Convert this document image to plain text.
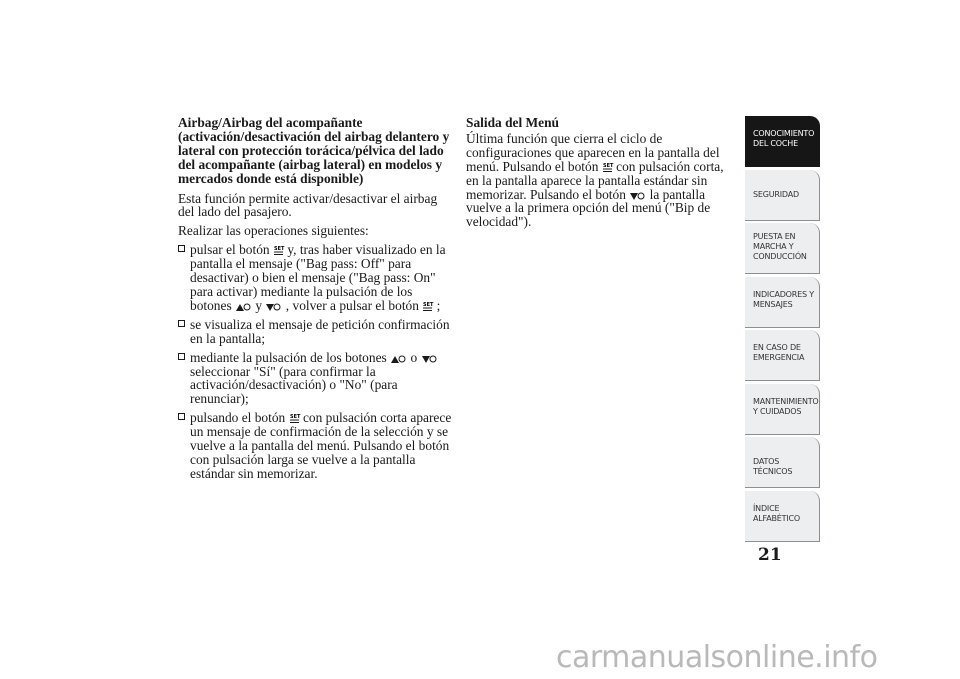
Airbag/Airbag del acompañante (activación/desactivación del airbag delantero y lateral con protección torácica/pélvica del lado del acompañante (airbag lateral) en modelos y mercados donde está disponible)

Esta función permite activar/desactivar el airbag del lado del pasajero.

Realizar las operaciones siguientes:

pulsar el botón SET y, tras haber visualizado en la pantalla el mensaje ("Bag pass: Off" para desactivar) o bien el mensaje ("Bag pass: On" para activar) mediante la pulsación de los botones y , volver a pulsar el botón SET ;
se visualiza el mensaje de petición confirmación en la pantalla;
mediante la pulsación de los botones o  seleccionar "Sí" (para confirmar la activación/desactivación) o "No" (para renunciar);
pulsando el botón SET con pulsación corta aparece un mensaje de confirmación de la selección y se vuelve a la pantalla del menú. Pulsando el botón con pulsación larga se vuelve a la pantalla estándar sin memorizar.

Salida del Menú

Última función que cierra el ciclo de configuraciones que aparecen en la pantalla del menú. Pulsando el botón SET con pulsación corta, en la pantalla aparece la pantalla estándar sin memorizar. Pulsando el botón la pantalla vuelve a la primera opción del menú ("Bip de velocidad").

CONOCIMIENTO DEL COCHE
SEGURIDAD
PUESTA EN MARCHA Y CONDUCCIÓN
INDICADORES Y MENSAJES
EN CASO DE EMERGENCIA
MANTENIMIENTO Y CUIDADOS
DATOS TÉCNICOS
ÍNDICE ALFABÉTICO
21
carmanualsonline.info
